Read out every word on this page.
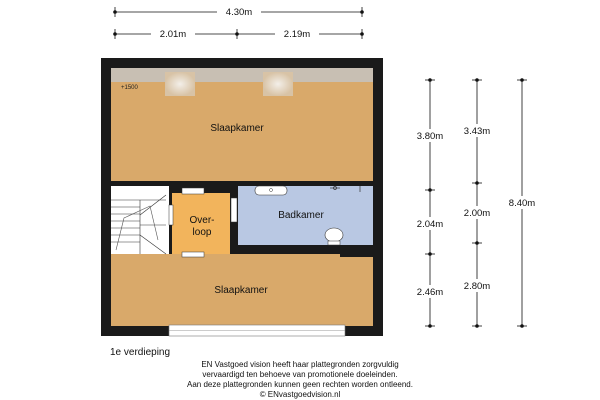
4.30m
2.01m	2.19m
+1500
Slaapkamer
Badkamer
Over-
loop
Slaapkamer
3.80m
2.04m
2.46m
3.43m
2.00m
2.80m
8.40m
1e verdieping
EN Vastgoed vision heeft haar plattegronden zorgvuldig
vervaardigd ten behoeve van promotionele doeleinden.
Aan deze plattegronden kunnen geen rechten worden ontleend.
© ENvastgoedvision.nl
